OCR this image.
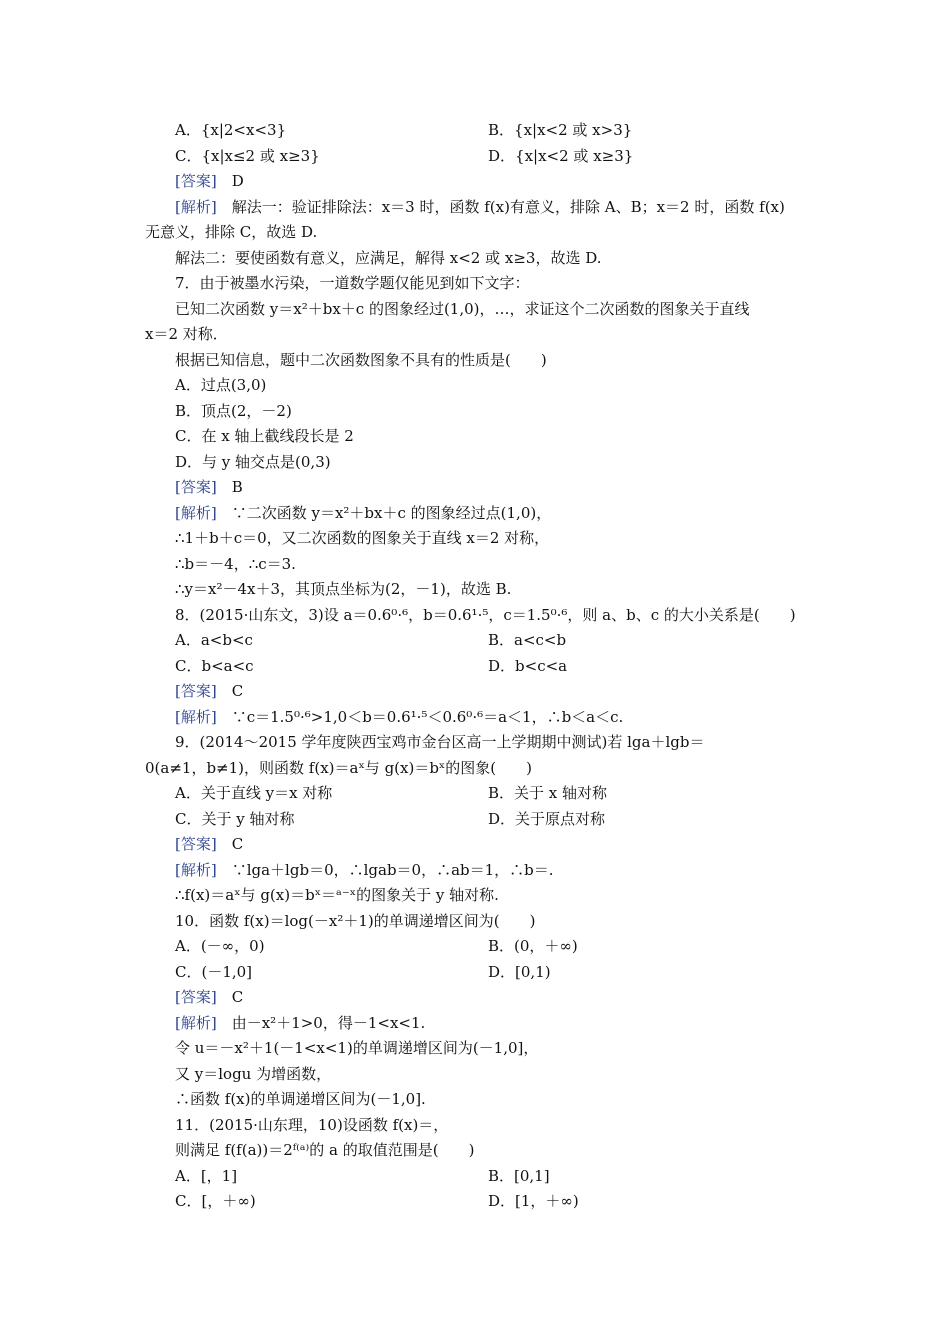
A．{x|2<x<3}	B．{x|x<2 或 x>3}
C．{x|x≤2 或 x≥3}	D．{x|x<2 或 x≥3}
[答案]　D
[解析]　解法一：验证排除法：x＝3 时，函数 f(x)有意义，排除 A、B；x＝2 时，函数 f(x)
无意义，排除 C，故选 D.
解法二：要使函数有意义，应满足，解得 x<2 或 x≥3，故选 D.
7．由于被墨水污染，一道数学题仅能见到如下文字：
已知二次函数 y＝x²＋bx＋c 的图象经过(1,0)，…，求证这个二次函数的图象关于直线
x＝2 对称．
根据已知信息，题中二次函数图象不具有的性质是(　　)
A．过点(3,0)
B．顶点(2，－2)
C．在 x 轴上截线段长是 2
D．与 y 轴交点是(0,3)
[答案]　B
[解析]　∵二次函数 y＝x²＋bx＋c 的图象经过点(1,0)，
∴1＋b＋c＝0，又二次函数的图象关于直线 x＝2 对称，
∴b＝－4，∴c＝3.
∴y＝x²－4x＋3，其顶点坐标为(2，－1)，故选 B.
8．(2015·山东文，3)设 a＝0.6⁰·⁶，b＝0.6¹·⁵，c＝1.5⁰·⁶，则 a、b、c 的大小关系是(　　)
A．a<b<c	B．a<c<b
C．b<a<c	D．b<c<a
[答案]　C
[解析]　∵c＝1.5⁰·⁶>1,0＜b＝0.6¹·⁵＜0.6⁰·⁶＝a＜1，∴b＜a＜c.
9．(2014～2015 学年度陕西宝鸡市金台区高一上学期期中测试)若 lga＋lgb＝
0(a≠1，b≠1)，则函数 f(x)＝aˣ与 g(x)＝bˣ的图象(　　)
A．关于直线 y＝x 对称	B．关于 x 轴对称
C．关于 y 轴对称	D．关于原点对称
[答案]　C
[解析]　∵lga＋lgb＝0，∴lgab＝0，∴ab＝1，∴b＝.
∴f(x)＝aˣ与 g(x)＝bˣ＝ᵃ⁻ˣ的图象关于 y 轴对称.
10．函数 f(x)＝log(－x²＋1)的单调递增区间为(　　)
A．(－∞，0)	B．(0，＋∞)
C．(－1,0]	D．[0,1)
[答案]　C
[解析]　由－x²＋1>0，得－1<x<1.
令 u＝－x²＋1(－1<x<1)的单调递增区间为(－1,0]，
又 y＝logu 为增函数，
∴函数 f(x)的单调递增区间为(－1,0].
11．(2015·山东理，10)设函数 f(x)＝，
则满足 f(f(a))＝2ᶠ⁽ᵃ⁾的 a 的取值范围是(　　)
A．[，1]	B．[0,1]
C．[，＋∞)	D．[1，＋∞)
